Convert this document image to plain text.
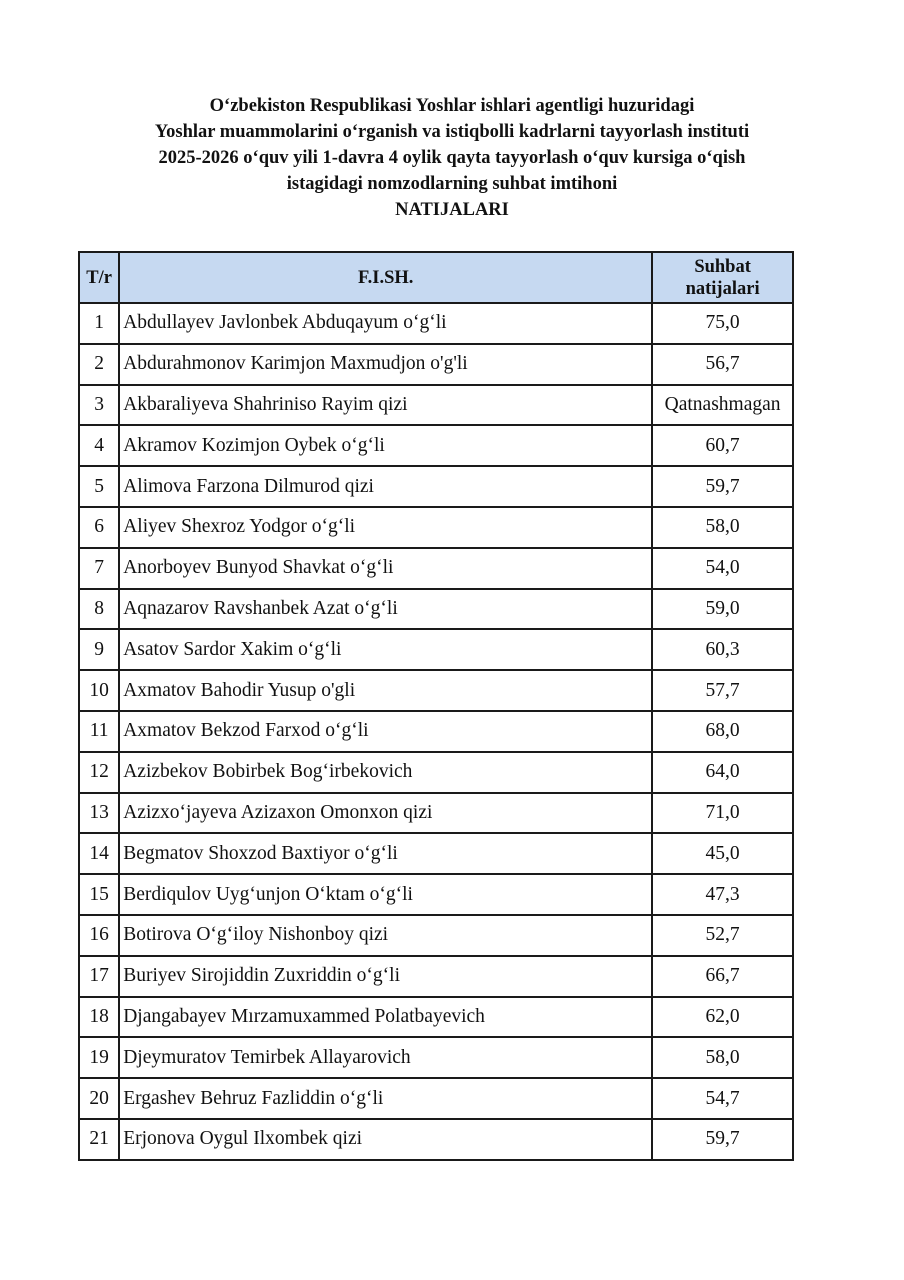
O‘zbekiston Respublikasi Yoshlar ishlari agentligi huzuridagi
Yoshlar muammolarini o‘rganish va istiqbolli kadrlarni tayyorlash instituti
2025-2026 o‘quv yili 1-davra 4 oylik qayta tayyorlash o‘quv kursiga o‘qish
istagidagi nomzodlarning suhbat imtihoni
NATIJALARI
T/r	F.I.SH.	Suhbat
natijalari
1	Abdullayev Javlonbek Abduqayum o‘g‘li	75,0
2	Abdurahmonov Karimjon Maxmudjon o'g'li	56,7
3	Akbaraliyeva Shahriniso Rayim qizi	Qatnashmagan
4	Akramov Kozimjon Oybek o‘g‘li	60,7
5	Alimova Farzona Dilmurod qizi	59,7
6	Aliyev Shexroz Yodgor o‘g‘li	58,0
7	Anorboyev Bunyod Shavkat o‘g‘li	54,0
8	Aqnazarov Ravshanbek Azat o‘g‘li	59,0
9	Asatov Sardor Xakim o‘g‘li	60,3
10	Axmatov Bahodir Yusup o'gli	57,7
11	Axmatov Bekzod Farxod o‘g‘li	68,0
12	Azizbekov Bobirbek Bog‘irbekovich	64,0
13	Azizxo‘jayeva Azizaxon Omonxon qizi	71,0
14	Begmatov Shoxzod Baxtiyor o‘g‘li	45,0
15	Berdiqulov Uyg‘unjon O‘ktam o‘g‘li	47,3
16	Botirova O‘g‘iloy Nishonboy qizi	52,7
17	Buriyev Sirojiddin Zuxriddin o‘g‘li	66,7
18	Djangabayev Mırzamuxammed Polatbayevich	62,0
19	Djeymuratov Temirbek Allayarovich	58,0
20	Ergashev Behruz Fazliddin o‘g‘li	54,7
21	Erjonova Oygul Ilxombek qizi	59,7
